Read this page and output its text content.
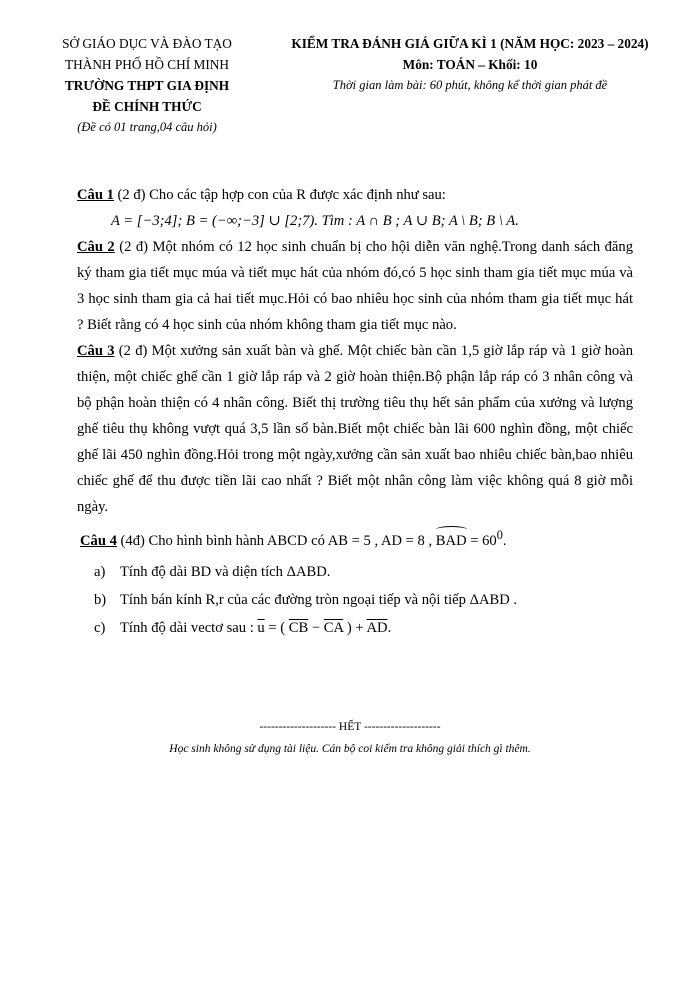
SỞ GIÁO DỤC VÀ ĐÀO TẠO
THÀNH PHỐ HỒ CHÍ MINH
TRƯỜNG THPT GIA ĐỊNH
ĐỀ CHÍNH THỨC
(Đề có 01 trang,04 câu hỏi)
KIỂM TRA ĐÁNH GIÁ GIỮA KÌ 1 (NĂM HỌC: 2023 – 2024)
Môn: TOÁN – Khối: 10
Thời gian làm bài: 60 phút, không kể thời gian phát đề
Câu 1 (2 đ) Cho các tập hợp con của R được xác định như sau:
A = [−3;4]; B = (−∞;−3] ∪ [2;7). Tìm : A ∩ B ; A ∪ B; A \ B; B \ A.
Câu 2 (2 đ) Một nhóm có 12 học sinh chuẩn bị cho hội diễn văn nghệ.Trong danh sách đăng ký tham gia tiết mục múa và tiết mục hát của nhóm đó,có 5 học sinh tham gia tiết mục múa và 3 học sinh tham gia cả hai tiết mục.Hỏi có bao nhiêu học sinh của nhóm tham gia tiết mục hát ? Biết rằng có 4 học sinh của nhóm không tham gia tiết mục nào.
Câu 3 (2 đ) Một xưởng sản xuất bàn và ghế. Một chiếc bàn cần 1,5 giờ lắp ráp và 1 giờ hoàn thiện, một chiếc ghế cần 1 giờ lắp ráp và 2 giờ hoàn thiện.Bộ phận lắp ráp có 3 nhân công và bộ phận hoàn thiện có 4 nhân công. Biết thị trường tiêu thụ hết sản phẩm của xưởng và lượng ghế tiêu thụ không vượt quá 3,5 lần số bàn.Biết một chiếc bàn lãi 600 nghìn đồng, một chiếc ghế lãi 450 nghìn đồng.Hỏi trong một ngày,xưởng cần sản xuất bao nhiêu chiếc bàn,bao nhiêu chiếc ghế để thu được tiền lãi cao nhất ? Biết một nhân công làm việc không quá 8 giờ mỗi ngày.
Câu 4 (4đ) Cho hình bình hành ABCD có AB = 5 , AD = 8 , BAD = $60^0$.
a) Tính độ dài BD và diện tích ΔABD.
b) Tính bán kính R,r của các đường tròn ngoại tiếp và nội tiếp ΔABD .
c) Tính độ dài vectơ sau : $\overline{u}$ = ( $\overline{CB} - \overline{CA}$ ) + $\overline{AD}$.
-------------------- HẾT --------------------
Học sinh không sử dụng tài liệu. Cán bộ coi kiểm tra không giải thích gì thêm.
